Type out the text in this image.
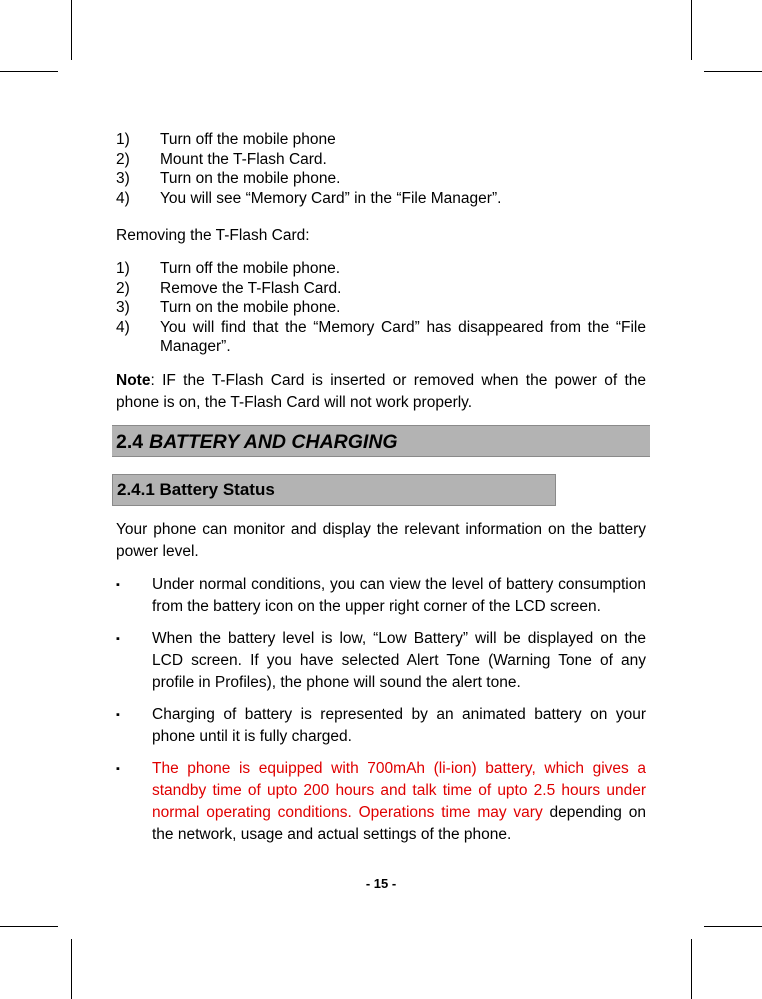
1)	Turn off the mobile phone
2)	Mount the T-Flash Card.
3)	Turn on the mobile phone.
4)	You will see “Memory Card” in the “File Manager”.

Removing the T-Flash Card:

1)	Turn off the mobile phone.
2)	Remove the T-Flash Card.
3)	Turn on the mobile phone.
4)	You will find that the “Memory Card” has disappeared from the “File Manager”.

Note: IF the T-Flash Card is inserted or removed when the power of the phone is on, the T-Flash Card will not work properly.

2.4 BATTERY AND CHARGING
2.4.1 Battery Status

Your phone can monitor and display the relevant information on the battery power level.

▪	Under normal conditions, you can view the level of battery consumption from the battery icon on the upper right corner of the LCD screen.
▪	When the battery level is low, “Low Battery” will be displayed on the LCD screen. If you have selected Alert Tone (Warning Tone of any profile in Profiles), the phone will sound the alert tone.
▪	Charging of battery is represented by an animated battery on your phone until it is fully charged.
▪	The phone is equipped with 700mAh (li-ion) battery, which gives a standby time of upto 200 hours and talk time of upto 2.5 hours under normal operating conditions. Operations time may vary depending on the network, usage and actual settings of the phone.
- 15 -
